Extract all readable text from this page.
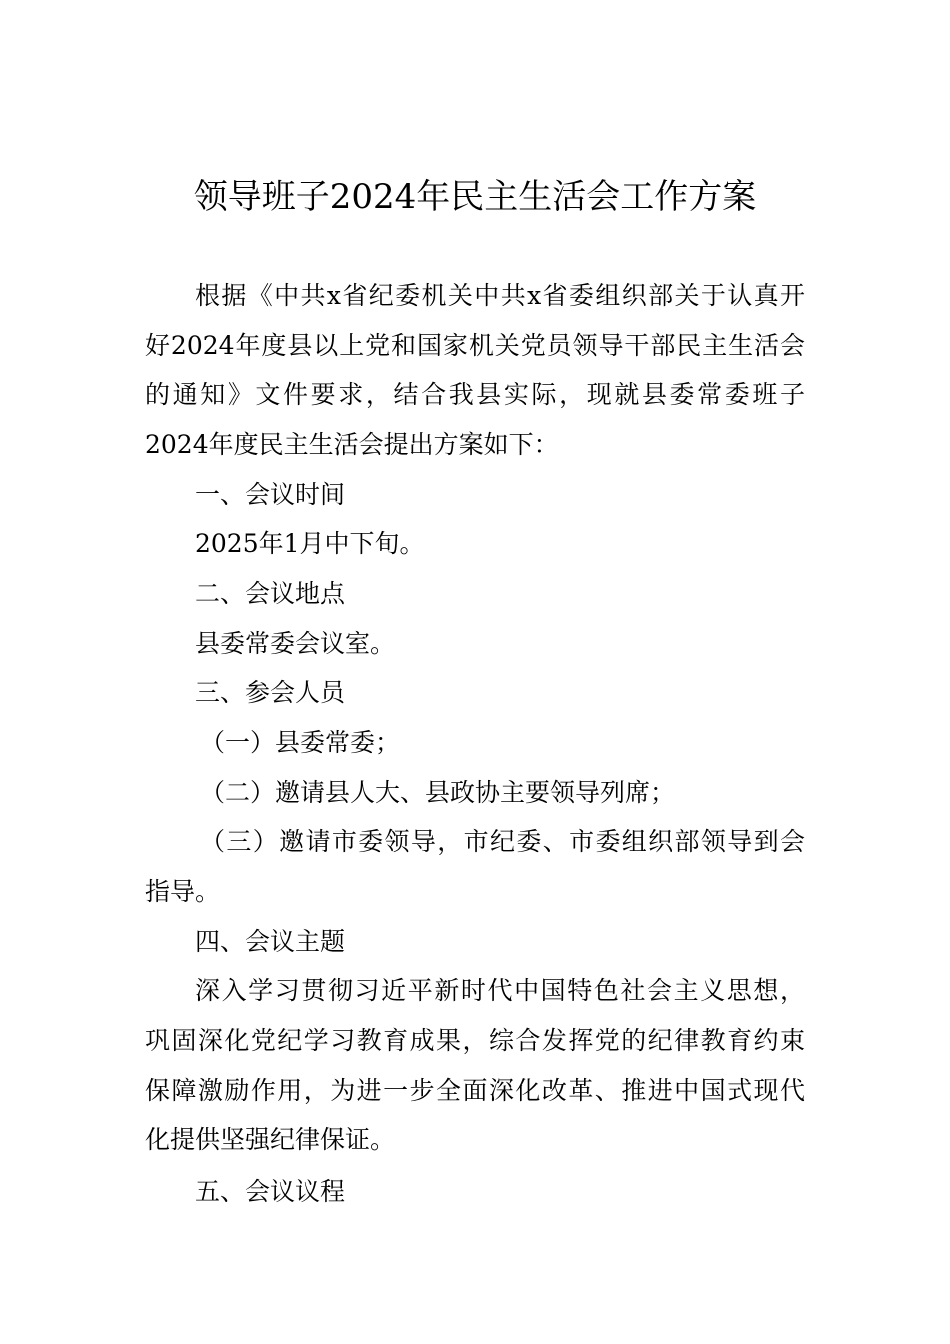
领导班子2024年民主生活会工作方案
根据《中共x省纪委机关中共x省委组织部关于认真开
好2024年度县以上党和国家机关党员领导干部民主生活会
的通知》文件要求，结合我县实际，现就县委常委班子
2024年度民主生活会提出方案如下：
一、会议时间
2025年1月中下旬。
二、会议地点
县委常委会议室。
三、参会人员
（一）县委常委；
（二）邀请县人大、县政协主要领导列席；
（三）邀请市委领导，市纪委、市委组织部领导到会
指导。
四、会议主题
深入学习贯彻习近平新时代中国特色社会主义思想，
巩固深化党纪学习教育成果，综合发挥党的纪律教育约束
保障激励作用，为进一步全面深化改革、推进中国式现代
化提供坚强纪律保证。
五、会议议程
